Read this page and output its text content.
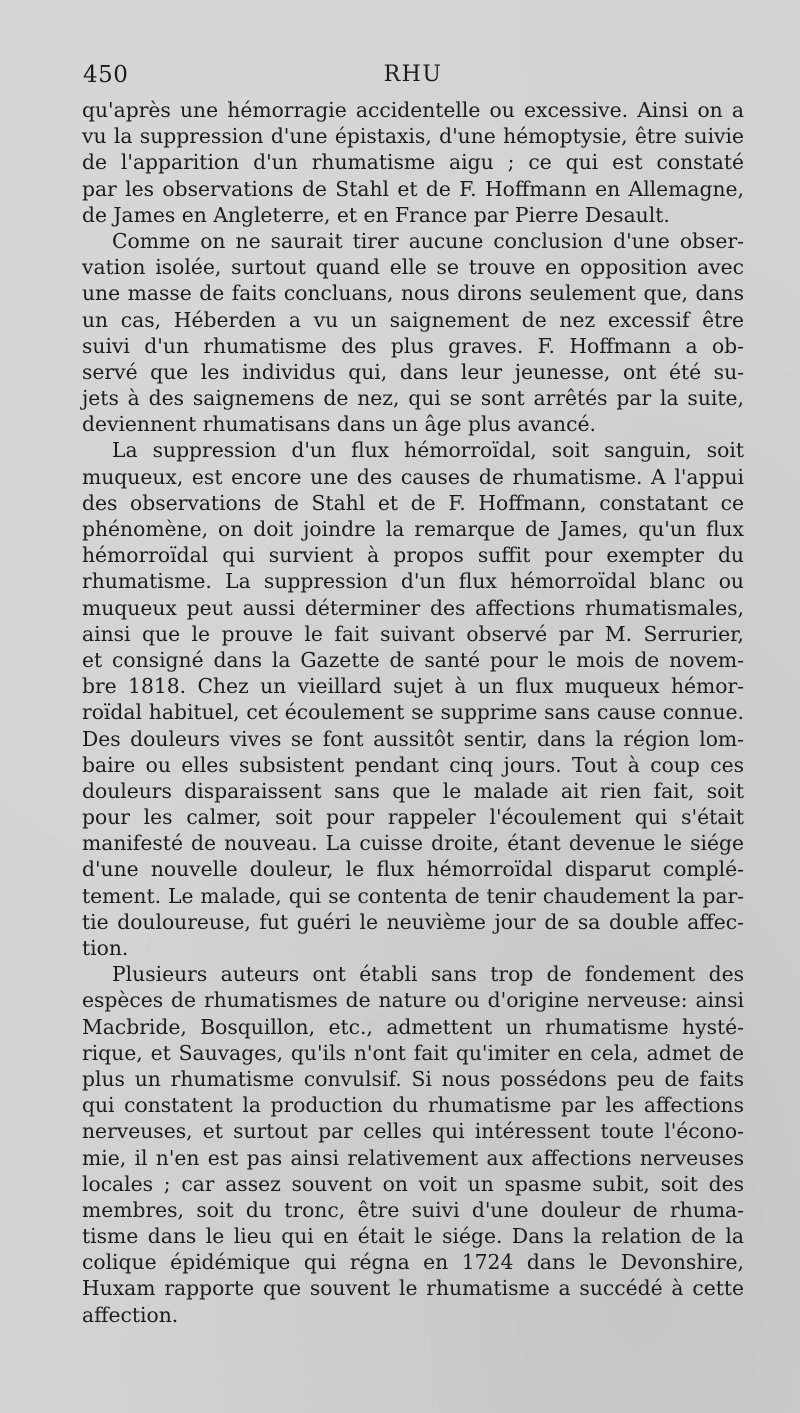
450	RHU
qu'après une hémorragie accidentelle ou excessive. Ainsi on a
vu la suppression d'une épistaxis, d'une hémoptysie, être suivie
de l'apparition d'un rhumatisme aigu ; ce qui est constaté
par les observations de Stahl et de F. Hoffmann en Allemagne,
de James en Angleterre, et en France par Pierre Desault.
Comme on ne saurait tirer aucune conclusion d'une obser-
vation isolée, surtout quand elle se trouve en opposition avec
une masse de faits concluans, nous dirons seulement que, dans
un cas, Héberden a vu un saignement de nez excessif être
suivi d'un rhumatisme des plus graves. F. Hoffmann a ob-
servé que les individus qui, dans leur jeunesse, ont été su-
jets à des saignemens de nez, qui se sont arrêtés par la suite,
deviennent rhumatisans dans un âge plus avancé.
La suppression d'un flux hémorroïdal, soit sanguin, soit
muqueux, est encore une des causes de rhumatisme. A l'appui
des observations de Stahl et de F. Hoffmann, constatant ce
phénomène, on doit joindre la remarque de James, qu'un flux
hémorroïdal qui survient à propos suffit pour exempter du
rhumatisme. La suppression d'un flux hémorroïdal blanc ou
muqueux peut aussi déterminer des affections rhumatismales,
ainsi que le prouve le fait suivant observé par M. Serrurier,
et consigné dans la Gazette de santé pour le mois de novem-
bre 1818. Chez un vieillard sujet à un flux muqueux hémor-
roïdal habituel, cet écoulement se supprime sans cause connue.
Des douleurs vives se font aussitôt sentir, dans la région lom-
baire ou elles subsistent pendant cinq jours. Tout à coup ces
douleurs disparaissent sans que le malade ait rien fait, soit
pour les calmer, soit pour rappeler l'écoulement qui s'était
manifesté de nouveau. La cuisse droite, étant devenue le siége
d'une nouvelle douleur, le flux hémorroïdal disparut complé-
tement. Le malade, qui se contenta de tenir chaudement la par-
tie douloureuse, fut guéri le neuvième jour de sa double affec-
tion.
Plusieurs auteurs ont établi sans trop de fondement des
espèces de rhumatismes de nature ou d'origine nerveuse: ainsi
Macbride, Bosquillon, etc., admettent un rhumatisme hysté-
rique, et Sauvages, qu'ils n'ont fait qu'imiter en cela, admet de
plus un rhumatisme convulsif. Si nous possédons peu de faits
qui constatent la production du rhumatisme par les affections
nerveuses, et surtout par celles qui intéressent toute l'écono-
mie, il n'en est pas ainsi relativement aux affections nerveuses
locales ; car assez souvent on voit un spasme subit, soit des
membres, soit du tronc, être suivi d'une douleur de rhuma-
tisme dans le lieu qui en était le siége. Dans la relation de la
colique épidémique qui régna en 1724 dans le Devonshire,
Huxam rapporte que souvent le rhumatisme a succédé à cette
affection.
